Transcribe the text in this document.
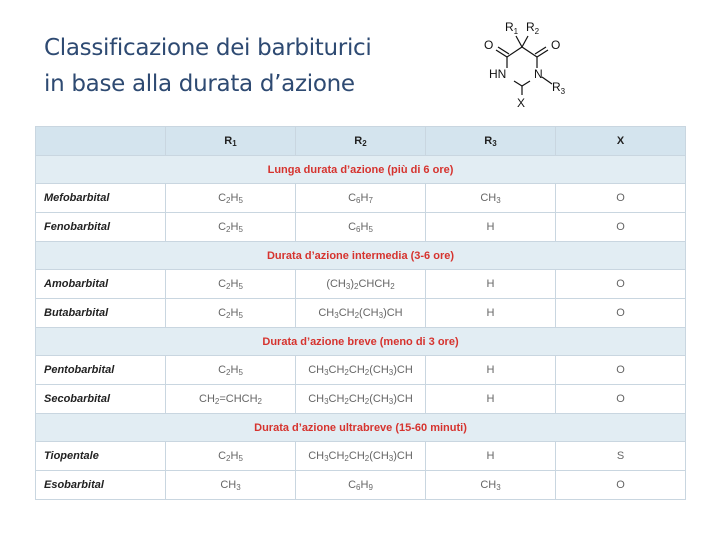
Classificazione dei barbiturici
in base alla durata d’azione
$R_1$ $R_2$
O	O
HN N
$R_3$
X
	$R_1$	$R_2$	$R_3$	X
Lunga durata d’azione (più di 6 ore)				
Mefobarbital	$C_2H_5$	$C_6H_7$	$CH_3$	O
Fenobarbital	$C_2H_5$	$C_6H_5$	H	O
Durata d’azione intermedia (3-6 ore)				
Amobarbital	$C_2H_5$	$(CH_3)_2CHCH_2$	H	O
Butabarbital	$C_2H_5$	$CH_3CH_2(CH_3)CH$	H	O
Durata d’azione breve (meno di 3 ore)				
Pentobarbital	$C_2H_5$	$CH_3CH_2CH_2(CH_3)CH$	H	O
Secobarbital	$CH_2=CHCH_2$	$CH_3CH_2CH_2(CH_3)CH$	H	O
Durata d’azione ultrabreve (15-60 minuti)				
Tiopentale	$C_2H_5$	$CH_3CH_2CH_2(CH_3)CH$	H	S
Esobarbital	$CH_3$	$C_6H_9$	$CH_3$	O
